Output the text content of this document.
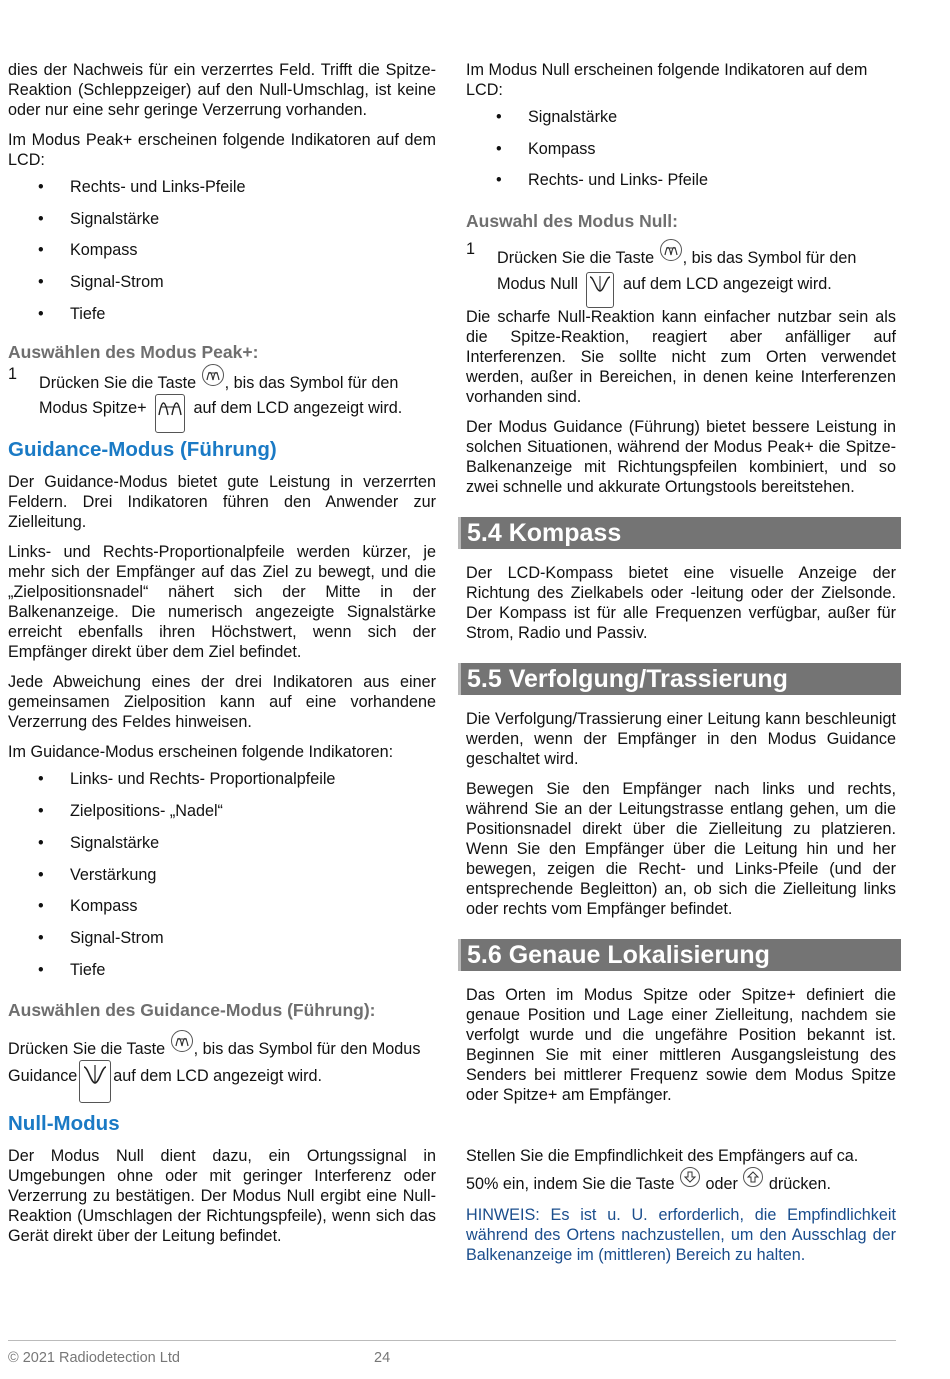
dies der Nachweis für ein verzerrtes Feld. Trifft die Spitze-Reaktion (Schleppzeiger) auf den Null-Umschlag, ist keine oder nur eine sehr geringe Verzerrung vorhanden.

Im Modus Peak+ erscheinen folgende Indikatoren auf dem LCD:

• Rechts- und Links-Pfeile
• Signalstärke
• Kompass
• Signal-Strom
• Tiefe
Auswählen des Modus Peak+:
1 Drücken Sie die Taste , bis das Symbol für den
Modus Spitze+	auf dem LCD angezeigt wird.
Guidance-Modus (Führung)

Der Guidance-Modus bietet gute Leistung in verzerrten Feldern. Drei Indikatoren führen den Anwender zur Zielleitung.

Links- und Rechts-Proportionalpfeile werden kürzer, je mehr sich der Empfänger auf das Ziel zu bewegt, und die „Zielpositionsnadel“ nähert sich der Mitte in der Balkenanzeige. Die numerisch angezeigte Signalstärke erreicht ebenfalls ihren Höchstwert, wenn sich der Empfänger direkt über dem Ziel befindet.

Jede Abweichung eines der drei Indikatoren aus einer gemeinsamen Zielposition kann auf eine vorhandene Verzerrung des Feldes hinweisen.

Im Guidance-Modus erscheinen folgende Indikatoren:

• Links- und Rechts- Proportionalpfeile
• Zielpositions- „Nadel“
• Signalstärke
• Verstärkung
• Kompass
• Signal-Strom
• Tiefe
Auswählen des Guidance-Modus (Führung):
Drücken Sie die Taste , bis das Symbol für den Modus
Guidance auf dem LCD angezeigt wird.
Null-Modus

Der Modus Null dient dazu, ein Ortungssignal in Umgebungen ohne oder mit geringer Interferenz oder Verzerrung zu bestätigen. Der Modus Null ergibt eine Null-Reaktion (Umschlagen der Richtungspfeile), wenn sich das Gerät direkt über der Leitung befindet.

Im Modus Null erscheinen folgende Indikatoren auf dem LCD:

• Signalstärke
• Kompass
• Rechts- und Links- Pfeile
Auswahl des Modus Null:
1 Drücken Sie die Taste , bis das Symbol für den
Modus Null	auf dem LCD angezeigt wird.

Die scharfe Null-Reaktion kann einfacher nutzbar sein als die Spitze-Reaktion, reagiert aber anfälliger auf Interferenzen. Sie sollte nicht zum Orten verwendet werden, außer in Bereichen, in denen keine Interferenzen vorhanden sind.

Der Modus Guidance (Führung) bietet bessere Leistung in solchen Situationen, während der Modus Peak+ die Spitze-Balkenanzeige mit Richtungspfeilen kombiniert, und so zwei schnelle und akkurate Ortungstools bereitstehen.

5.4 Kompass

Der LCD-Kompass bietet eine visuelle Anzeige der Richtung des Zielkabels oder -leitung oder der Zielsonde. Der Kompass ist für alle Frequenzen verfügbar, außer für Strom, Radio und Passiv.

5.5 Verfolgung/Trassierung

Die Verfolgung/Trassierung einer Leitung kann beschleunigt werden, wenn der Empfänger in den Modus Guidance geschaltet wird.

Bewegen Sie den Empfänger nach links und rechts, während Sie an der Leitungstrasse entlang gehen, um die Positionsnadel direkt über die Zielleitung zu platzieren. Wenn Sie den Empfänger über die Leitung hin und her bewegen, zeigen die Recht- und Links-Pfeile (und der entsprechende Begleitton) an, ob sich die Zielleitung links oder rechts vom Empfänger befindet.

5.6 Genaue Lokalisierung

Das Orten im Modus Spitze oder Spitze+ definiert die genaue Position und Lage einer Zielleitung, nachdem sie verfolgt wurde und die ungefähre Position bekannt ist. Beginnen Sie mit einer mittleren Ausgangsleistung des Senders bei mittlerer Frequenz sowie dem Modus Spitze oder Spitze+ am Empfänger.

Stellen Sie die Empfindlichkeit des Empfängers auf ca.
50% ein, indem Sie die Taste oder drücken.

HINWEIS: Es ist u. U. erforderlich, die Empfindlichkeit während des Ortens nachzustellen, um den Ausschlag der Balkenanzeige im (mittleren) Bereich zu halten.

© 2021 Radiodetection Ltd	24
